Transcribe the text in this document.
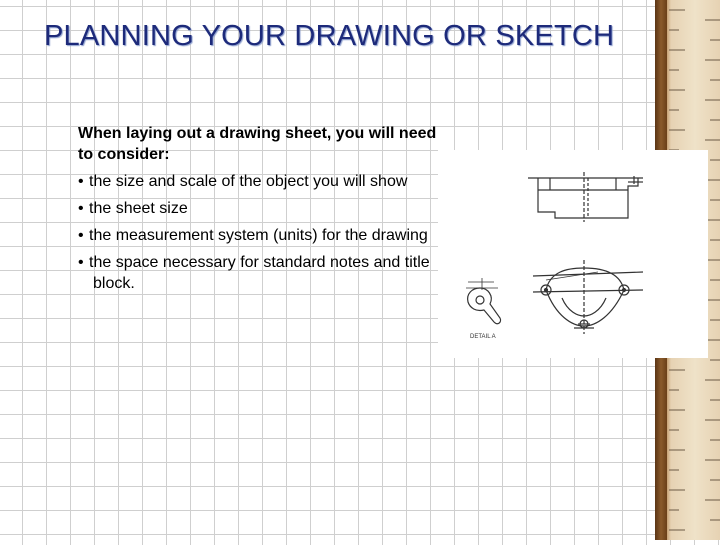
PLANNING YOUR DRAWING OR SKETCH

When laying out a drawing sheet, you will need to consider:

• the size and scale of the object you will show

• the sheet size

• the measurement system (units) for the drawing

• the space necessary for standard notes and title block.

DETAIL A
